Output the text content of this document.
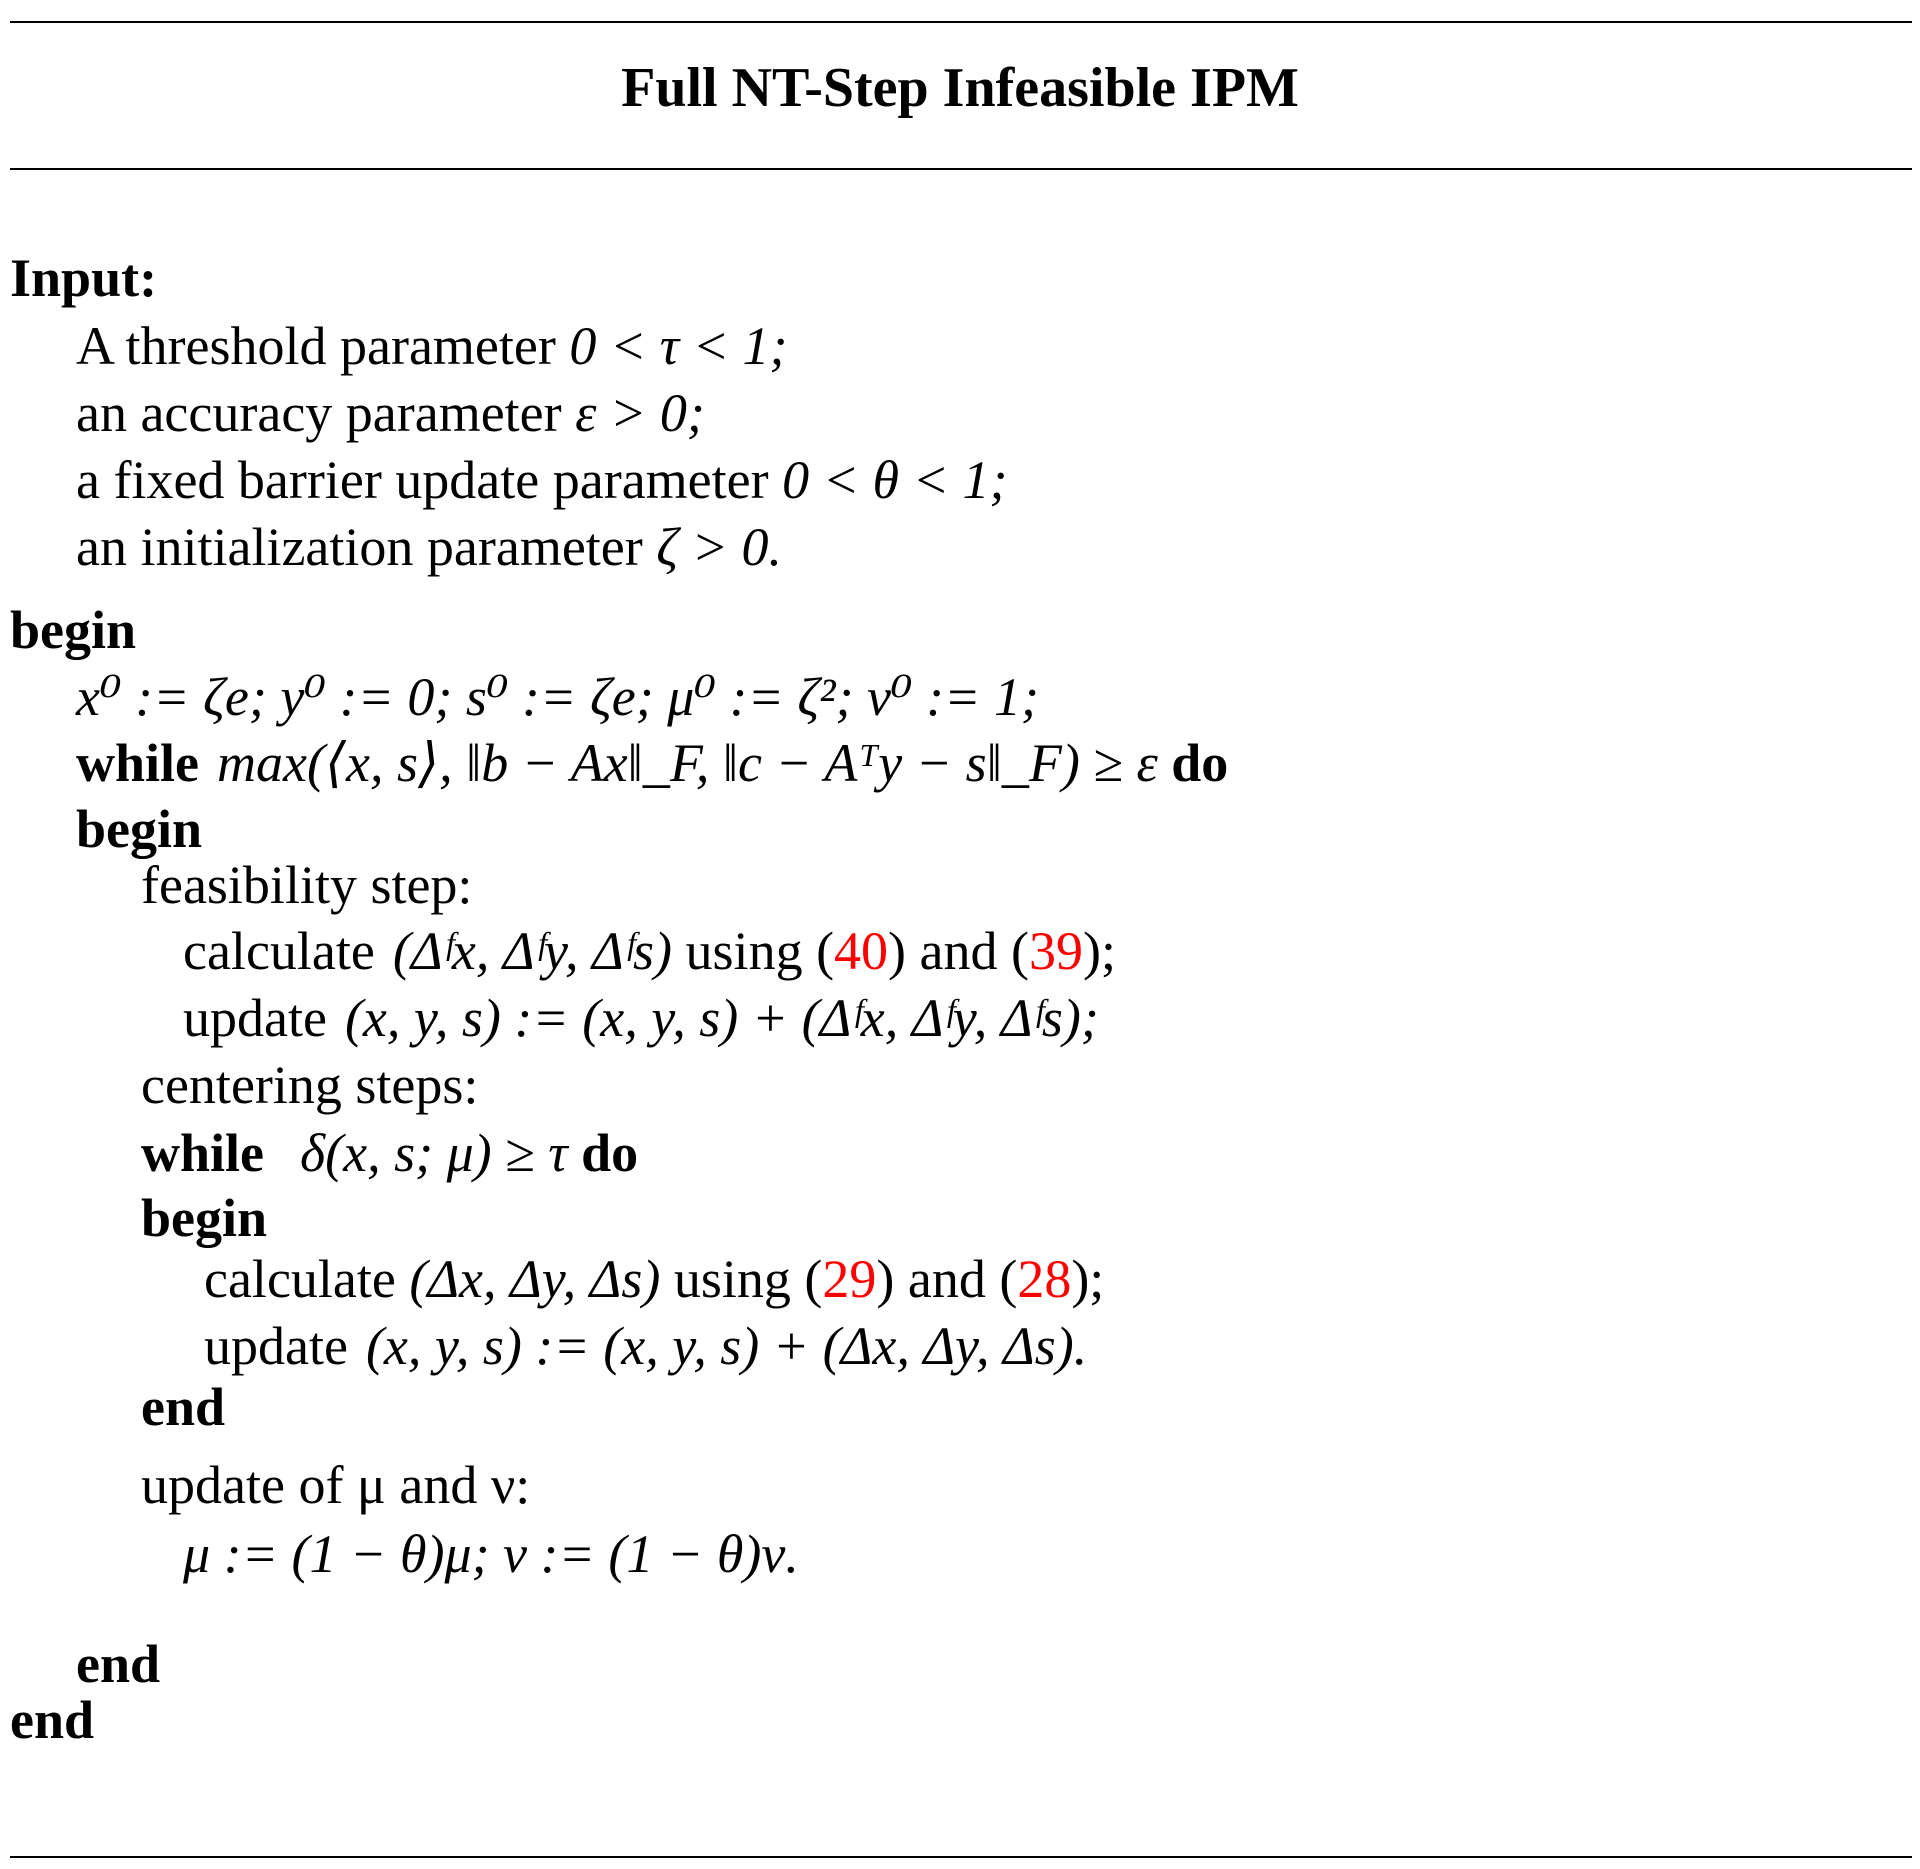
Full NT-Step Infeasible IPM
Input:
A threshold parameter 0 < τ < 1;
an accuracy parameter ε > 0;
a fixed barrier update parameter 0 < θ < 1;
an initialization parameter ζ > 0.
begin
x⁰ := ζe; y⁰ := 0; s⁰ := ζe; μ⁰ := ζ²; ν⁰ := 1;
while max(⟨x, s⟩, ‖b − Ax‖_F, ‖c − Aᵀy − s‖_F) ≥ ε do
begin
feasibility step:
calculate (Δᶠx, Δᶠy, Δᶠs) using (40) and (39);
update (x, y, s) := (x, y, s) + (Δᶠx, Δᶠy, Δᶠs);
centering steps:
while δ(x, s; μ) ≥ τ do
begin
calculate (Δx, Δy, Δs) using (29) and (28);
update (x, y, s) := (x, y, s) + (Δx, Δy, Δs).
end
update of μ and ν:
μ := (1 − θ)μ; ν := (1 − θ)ν.
end
end
